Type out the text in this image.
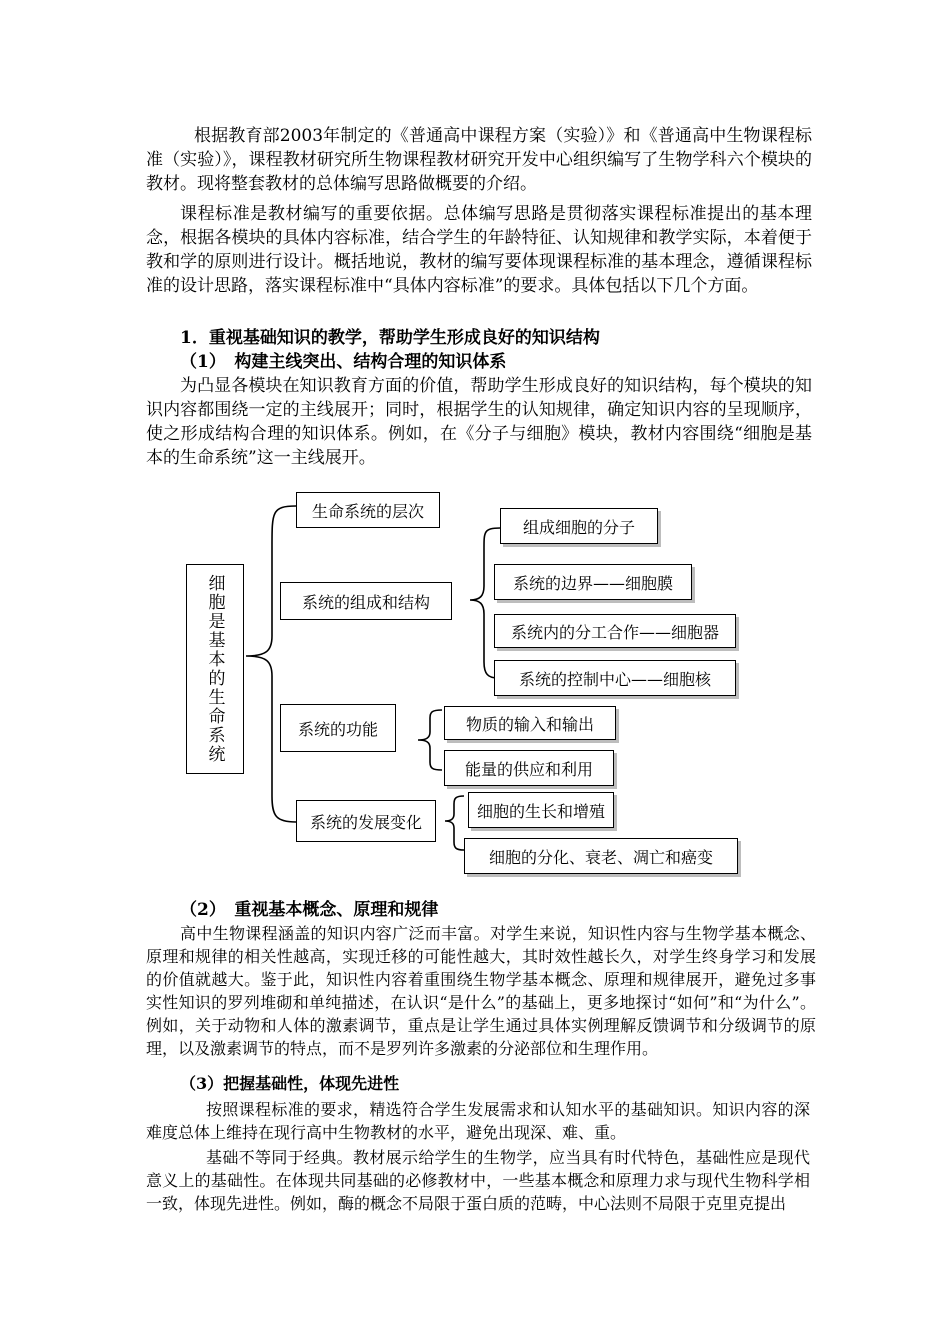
根据教育部2003年制定的《普通高中课程方案（实验）》和《普通高中生物课程标准（实验）》，课程教材研究所生物课程教材研究开发中心组织编写了生物学科六个模块的教材。现将整套教材的总体编写思路做概要的介绍。

课程标准是教材编写的重要依据。总体编写思路是贯彻落实课程标准提出的基本理念，根据各模块的具体内容标准，结合学生的年龄特征、认知规律和教学实际，本着便于教和学的原则进行设计。概括地说，教材的编写要体现课程标准的基本理念，遵循课程标准的设计思路，落实课程标准中“具体内容标准”的要求。具体包括以下几个方面。

1．重视基础知识的教学，帮助学生形成良好的知识结构

（1）　构建主线突出、结构合理的知识体系

为凸显各模块在知识教育方面的价值，帮助学生形成良好的知识结构，每个模块的知识内容都围绕一定的主线展开；同时，根据学生的认知规律，确定知识内容的呈现顺序，使之形成结构合理的知识体系。例如，在《分子与细胞》模块，教材内容围绕“细胞是基本的生命系统”这一主线展开。

细胞是基本的生命系统
生命系统的层次
系统的组成和结构
系统的功能
系统的发展变化
组成细胞的分子
系统的边界——细胞膜
系统内的分工合作——细胞器
系统的控制中心——细胞核
物质的输入和输出
能量的供应和利用
细胞的生长和增殖
细胞的分化、衰老、凋亡和癌变

（2）　重视基本概念、原理和规律

高中生物课程涵盖的知识内容广泛而丰富。对学生来说，知识性内容与生物学基本概念、原理和规律的相关性越高，实现迁移的可能性越大，其时效性越长久，对学生终身学习和发展的价值就越大。鉴于此，知识性内容着重围绕生物学基本概念、原理和规律展开，避免过多事实性知识的罗列堆砌和单纯描述，在认识“是什么”的基础上，更多地探讨“如何”和“为什么”。例如，关于动物和人体的激素调节，重点是让学生通过具体实例理解反馈调节和分级调节的原理，以及激素调节的特点，而不是罗列许多激素的分泌部位和生理作用。

（3）把握基础性，体现先进性

按照课程标准的要求，精选符合学生发展需求和认知水平的基础知识。知识内容的深难度总体上维持在现行高中生物教材的水平，避免出现深、难、重。

基础不等同于经典。教材展示给学生的生物学，应当具有时代特色，基础性应是现代意义上的基础性。在体现共同基础的必修教材中，一些基本概念和原理力求与现代生物科学相一致，体现先进性。例如，酶的概念不局限于蛋白质的范畴，中心法则不局限于克里克提出
